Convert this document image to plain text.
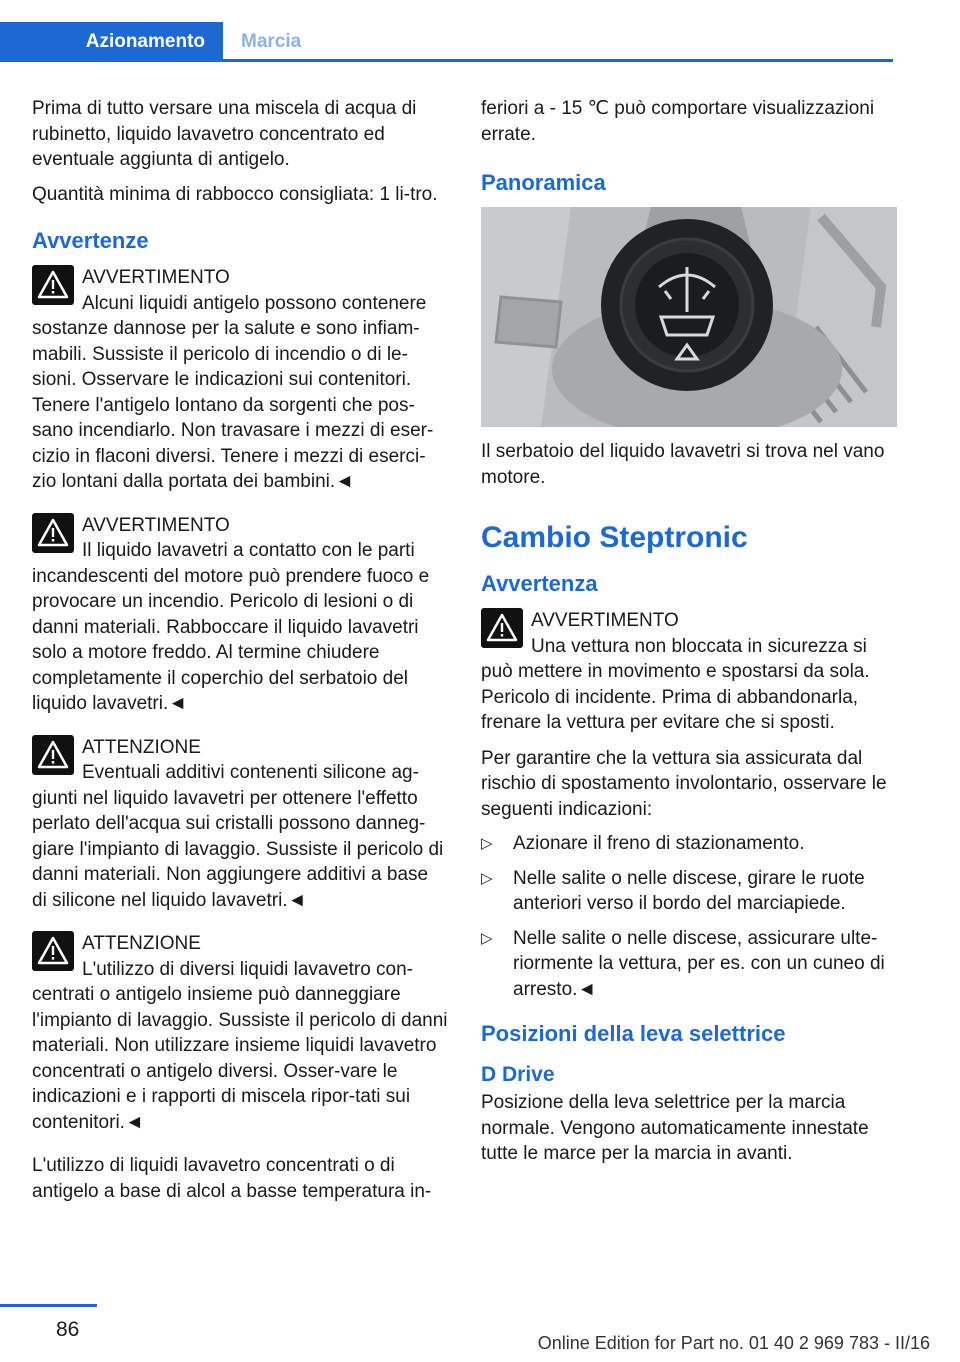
Azionamento Marcia

Prima di tutto versare una miscela di acqua di rubinetto, liquido lavavetro concentrato ed eventuale aggiunta di antigelo.

Quantità minima di rabbocco consigliata: 1 li‐tro.

Avvertenze
AVVERTIMENTO
Alcuni liquidi antigelo possono contenere sostanze dannose per la salute e sono infiam‐mabili. Sussiste il pericolo di incendio o di le‐sioni. Osservare le indicazioni sui contenitori. Tenere l'antigelo lontano da sorgenti che pos‐sano incendiarlo. Non travasare i mezzi di eser‐cizio in flaconi diversi. Tenere i mezzi di eserci‐zio lontani dalla portata dei bambini.◄
AVVERTIMENTO
Il liquido lavavetri a contatto con le parti incandescenti del motore può prendere fuoco e provocare un incendio. Pericolo di lesioni o di danni materiali. Rabboccare il liquido lavavetri solo a motore freddo. Al termine chiudere completamente il coperchio del serbatoio del liquido lavavetri.◄
ATTENZIONE
Eventuali additivi contenenti silicone ag‐giunti nel liquido lavavetri per ottenere l'effetto perlato dell'acqua sui cristalli possono danneg‐giare l'impianto di lavaggio. Sussiste il pericolo di danni materiali. Non aggiungere additivi a base di silicone nel liquido lavavetri.◄
ATTENZIONE
L'utilizzo di diversi liquidi lavavetro con‐centrati o antigelo insieme può danneggiare l'impianto di lavaggio. Sussiste il pericolo di danni materiali. Non utilizzare insieme liquidi lavavetro concentrati o antigelo diversi. Osser‐vare le indicazioni e i rapporti di miscela ripor‐tati sui contenitori.◄

L'utilizzo di liquidi lavavetro concentrati o di antigelo a base di alcol a basse temperatura in‐

feriori a - 15 ℃ può comportare visualizzazioni errate.

Panoramica

Il serbatoio del liquido lavavetri si trova nel vano motore.

Cambio Steptronic
Avvertenza
AVVERTIMENTO
Una vettura non bloccata in sicurezza si può mettere in movimento e spostarsi da sola. Pericolo di incidente. Prima di abbandonarla, frenare la vettura per evitare che si sposti.

Per garantire che la vettura sia assicurata dal rischio di spostamento involontario, osservare le seguenti indicazioni:

▷ Azionare il freno di stazionamento.
▷ Nelle salite o nelle discese, girare le ruote anteriori verso il bordo del marciapiede.
▷ Nelle salite o nelle discese, assicurare ulte‐riormente la vettura, per es. con un cuneo di arresto.◄
Posizioni della leva selettrice
D Drive

Posizione della leva selettrice per la marcia normale. Vengono automaticamente innestate tutte le marce per la marcia in avanti.

86
Online Edition for Part no. 01 40 2 969 783 - II/16
